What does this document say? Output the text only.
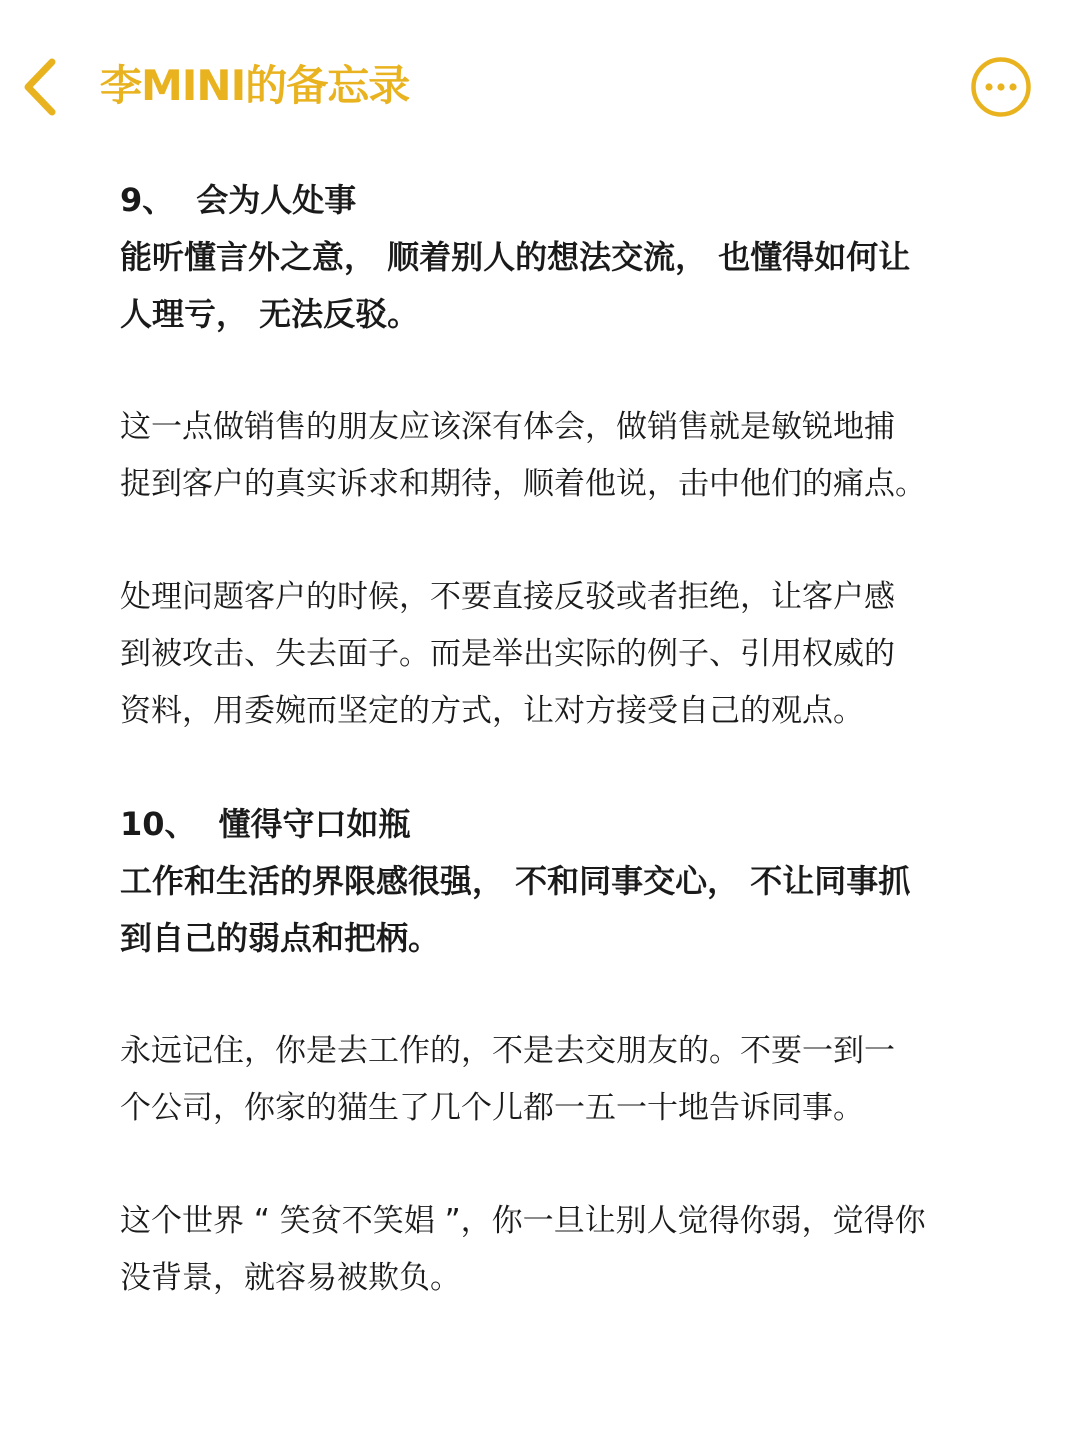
李MINI的备忘录
9、 会为人处事
能听懂言外之意， 顺着别人的想法交流， 也懂得如何让
人理亏， 无法反驳。
这一点做销售的朋友应该深有体会，做销售就是敏锐地捕
捉到客户的真实诉求和期待，顺着他说，击中他们的痛点。
处理问题客户的时候，不要直接反驳或者拒绝，让客户感
到被攻击、失去面子。而是举出实际的例子、引用权威的
资料，用委婉而坚定的方式，让对方接受自己的观点。
10、 懂得守口如瓶
工作和生活的界限感很强， 不和同事交心， 不让同事抓
到自己的弱点和把柄。
永远记住，你是去工作的，不是去交朋友的。不要一到一
个公司，你家的猫生了几个儿都一五一十地告诉同事。
这个世界 “ 笑贫不笑娼 ”，你一旦让别人觉得你弱，觉得你
没背景，就容易被欺负。
